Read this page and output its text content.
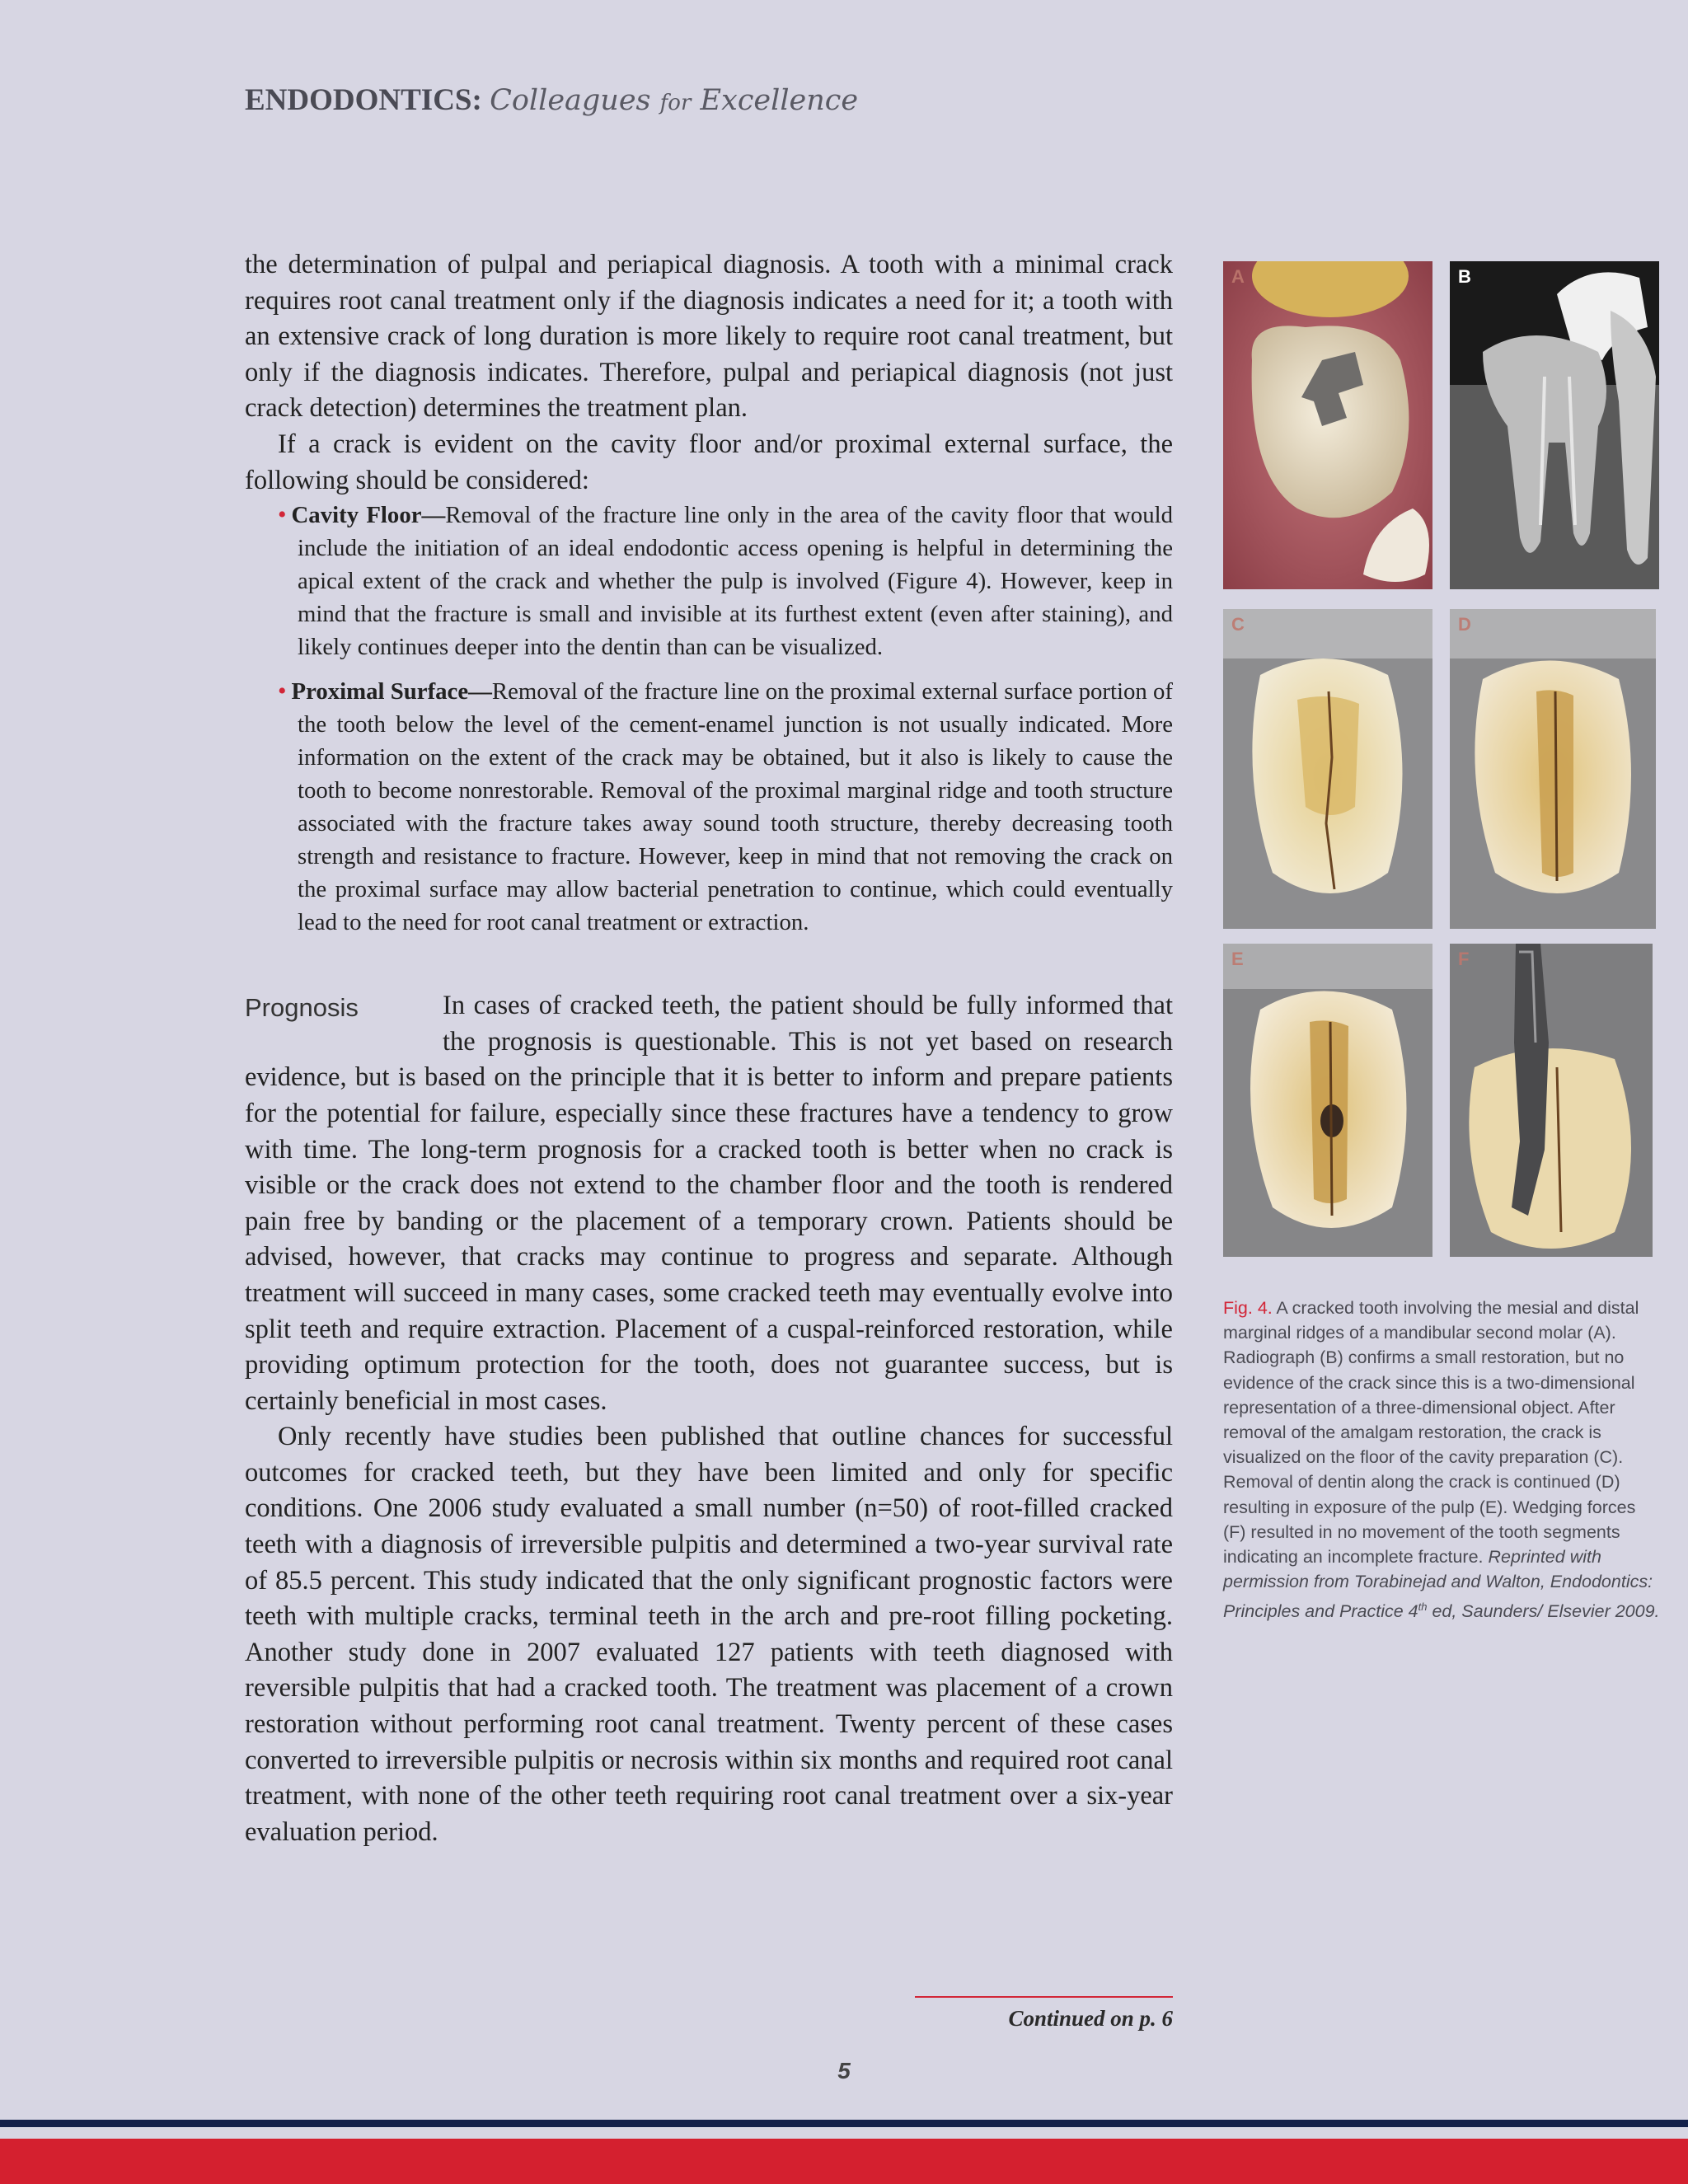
ENDODONTICS: Colleagues for Excellence

the determination of pulpal and periapical diagnosis. A tooth with a minimal crack requires root canal treatment only if the diagnosis indicates a need for it; a tooth with an extensive crack of long duration is more likely to require root canal treatment, but only if the diagnosis indicates. Therefore, pulpal and periapical diagnosis (not just crack detection) determines the treatment plan.

If a crack is evident on the cavity floor and/or proximal external surface, the following should be considered:

• Cavity Floor—Removal of the fracture line only in the area of the cavity floor that would include the initiation of an ideal endodontic access opening is helpful in determining the apical extent of the crack and whether the pulp is involved (Figure 4). However, keep in mind that the fracture is small and invisible at its furthest extent (even after staining), and likely continues deeper into the dentin than can be visualized.
• Proximal Surface—Removal of the fracture line on the proximal external surface portion of the tooth below the level of the cement-enamel junction is not usually indicated. More information on the extent of the crack may be obtained, but it also is likely to cause the tooth to become nonrestorable. Removal of the proximal marginal ridge and tooth structure associated with the fracture takes away sound tooth structure, thereby decreasing tooth strength and resistance to fracture. However, keep in mind that not removing the crack on the proximal surface may allow bacterial penetration to continue, which could eventually lead to the need for root canal treatment or extraction.
Prognosis	In cases of cracked teeth, the patient should be fully informed that the prognosis is questionable. This is not yet based on research evidence, but is based on the principle that it is better to inform and prepare patients for the potential for failure, especially since these fractures have a tendency to grow with time. The long-term prognosis for a cracked tooth is better when no crack is visible or the crack does not extend to the chamber floor and the tooth is rendered pain free by banding or the placement of a temporary crown. Patients should be advised, however, that cracks may continue to progress and separate. Although treatment will succeed in many cases, some cracked teeth may eventually evolve into split teeth and require extraction. Placement of a cuspal-reinforced restoration, while providing optimum protection for the tooth, does not guarantee success, but is certainly beneficial in most cases.

Only recently have studies been published that outline chances for successful outcomes for cracked teeth, but they have been limited and only for specific conditions. One 2006 study evaluated a small number (n=50) of root-filled cracked teeth with a diagnosis of irreversible pulpitis and determined a two-year survival rate of 85.5 percent. This study indicated that the only significant prognostic factors were teeth with multiple cracks, terminal teeth in the arch and pre-root filling pocketing. Another study done in 2007 evaluated 127 patients with teeth diagnosed with reversible pulpitis that had a cracked tooth. The treatment was placement of a crown restoration without performing root canal treatment. Twenty percent of these cases converted to irreversible pulpitis or necrosis within six months and required root canal treatment, with none of the other teeth requiring root canal treatment over a six-year evaluation period.

A	B
C	D
E	F
Fig. 4. A cracked tooth involving the mesial and distal marginal ridges of a mandibular second molar (A). Radiograph (B) confirms a small restoration, but no evidence of the crack since this is a two-dimensional representation of a three-dimensional object. After removal of the amalgam restoration, the crack is visualized on the floor of the cavity preparation (C). Removal of dentin along the crack is continued (D) resulting in exposure of the pulp (E). Wedging forces (F) resulted in no movement of the tooth segments indicating an incomplete fracture. Reprinted with permission from Torabinejad and Walton, Endodontics: Principles and Practice 4th ed, Saunders/ Elsevier 2009.
Continued on p. 6
5
